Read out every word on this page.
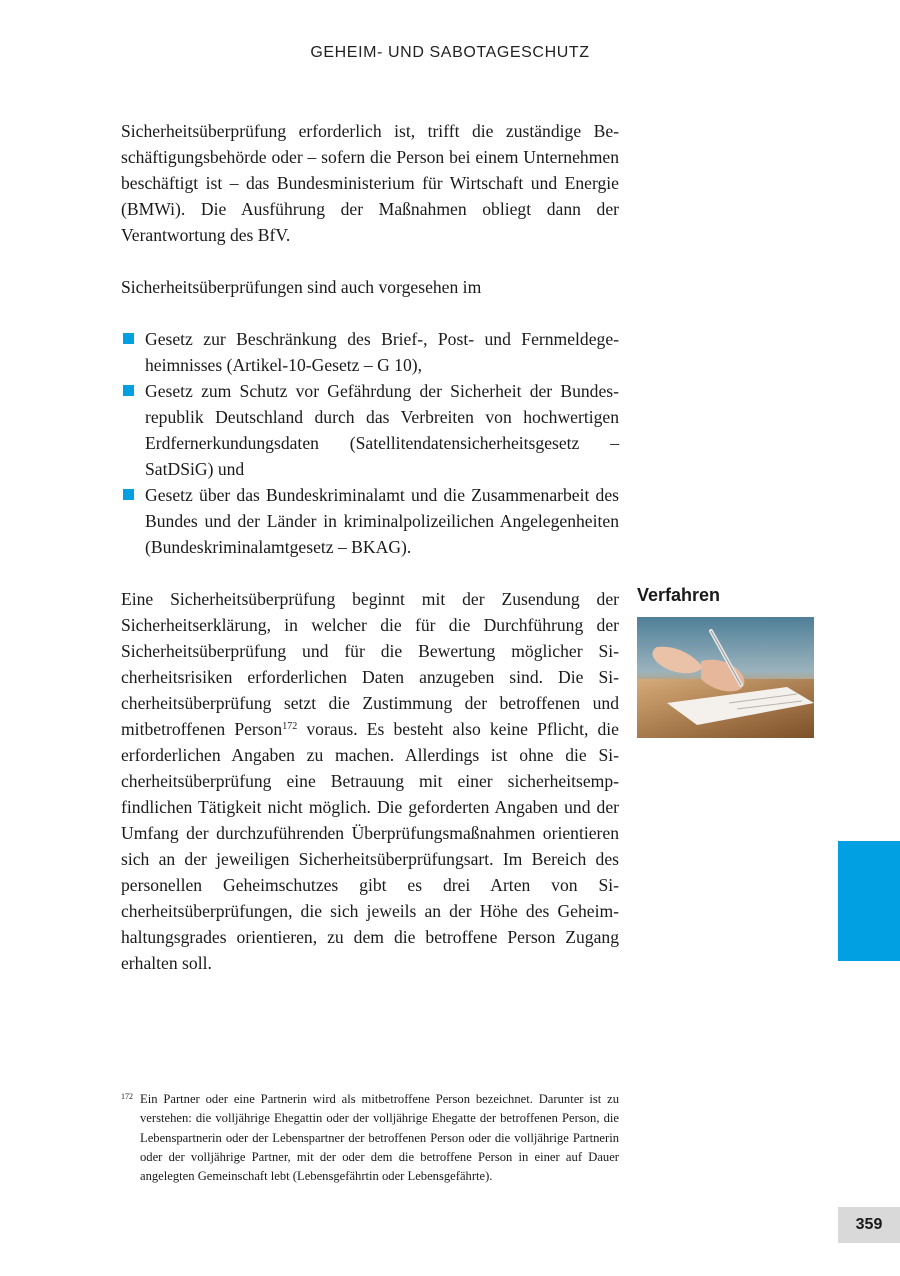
GEHEIM- UND SABOTAGESCHUTZ

Sicherheitsüberprüfung erforderlich ist, trifft die zuständige Beschäftigungsbehörde oder – sofern die Person bei einem Unternehmen beschäftigt ist – das Bundesministerium für Wirtschaft und Energie (BMWi). Die Ausführung der Maßnahmen obliegt dann der Verantwortung des BfV.

Sicherheitsüberprüfungen sind auch vorgesehen im

Gesetz zur Beschränkung des Brief-, Post- und Fernmeldegeheimnisses (Artikel-10-Gesetz – G 10),
Gesetz zum Schutz vor Gefährdung der Sicherheit der Bundesrepublik Deutschland durch das Verbreiten von hochwertigen Erdfernerkundungsdaten (Satellitendatensicherheitsgesetz – SatDSiG) und
Gesetz über das Bundeskriminalamt und die Zusammenarbeit des Bundes und der Länder in kriminalpolizeilichen Angelegenheiten (Bundeskriminalamtgesetz – BKAG).

Eine Sicherheitsüberprüfung beginnt mit der Zusendung der Sicherheitserklärung, in welcher die für die Durchführung der Sicherheitsüberprüfung und für die Bewertung möglicher Sicherheitsrisiken erforderlichen Daten anzugeben sind. Die Sicherheitsüberprüfung setzt die Zustimmung der betroffenen und mitbetroffenen Person$^{172}$ voraus. Es besteht also keine Pflicht, die erforderlichen Angaben zu machen. Allerdings ist ohne die Sicherheitsüberprüfung eine Betrauung mit einer sicherheitsempfindlichen Tätigkeit nicht möglich. Die geforderten Angaben und der Umfang der durchzuführenden Überprüfungsmaßnahmen orientieren sich an der jeweiligen Sicherheitsüberprüfungsart. Im Bereich des personellen Geheimschutzes gibt es drei Arten von Sicherheitsüberprüfungen, die sich jeweils an der Höhe des Geheimhaltungsgrades orientieren, zu dem die betroffene Person Zugang erhalten soll.

Verfahren
172 Ein Partner oder eine Partnerin wird als mitbetroffene Person bezeichnet. Darunter ist zu verstehen: die volljährige Ehegattin oder der volljährige Ehegatte der betroffenen Person, die Lebenspartnerin oder der Lebenspartner der betroffenen Person oder die volljährige Partnerin oder der volljährige Partner, mit der oder dem die betroffene Person in einer auf Dauer angelegten Gemeinschaft lebt (Lebensgefährtin oder Lebensgefährte).
359
